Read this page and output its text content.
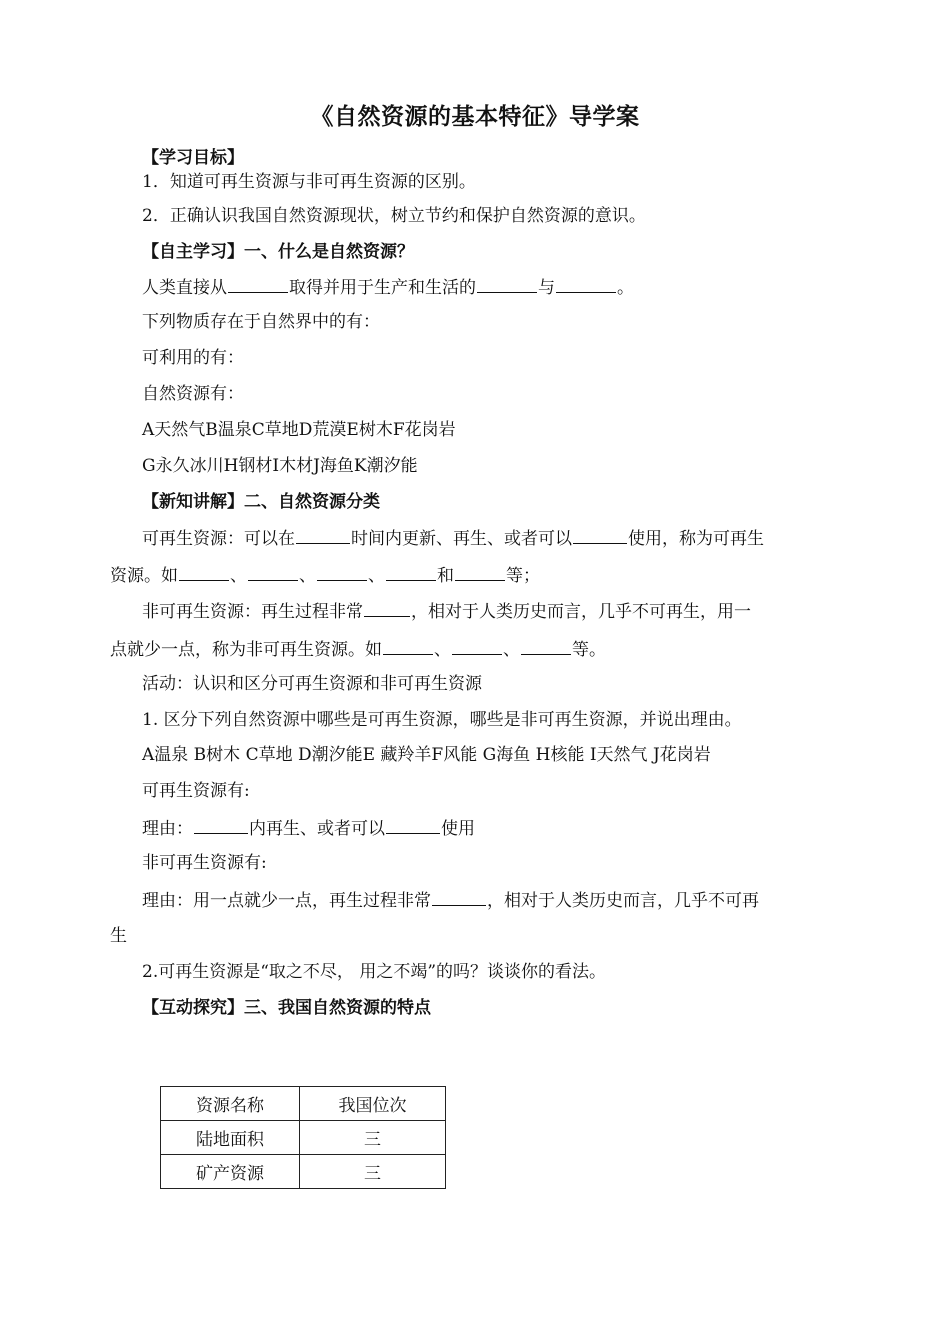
《自然资源的基本特征》导学案
【学习目标】
1．知道可再生资源与非可再生资源的区别。
2．正确认识我国自然资源现状，树立节约和保护自然资源的意识。
【自主学习】一、什么是自然资源？
人类直接从	取得并用于生产和生活的	与	。
下列物质存在于自然界中的有：
可利用的有：
自然资源有：
A天然气B温泉C草地D荒漠E树木F花岗岩
G永久冰川H钢材I木材J海鱼K潮汐能
【新知讲解】二、自然资源分类
可再生资源：可以在	时间内更新、再生、或者可以	使用，称为可再生
资源。如	、	、	、	和	等；
非可再生资源：再生过程非常	，相对于人类历史而言，几乎不可再生，用一
点就少一点，称为非可再生资源。如	、	、	等。
活动：认识和区分可再生资源和非可再生资源
1. 区分下列自然资源中哪些是可再生资源，哪些是非可再生资源，并说出理由。
A温泉 B树木 C草地 D潮汐能E 藏羚羊F风能 G海鱼 H核能 I天然气 J花岗岩
可再生资源有:
理由：	内再生、或者可以	使用
非可再生资源有:
理由：用一点就少一点，再生过程非常	，相对于人类历史而言，几乎不可再
生
2.可再生资源是“取之不尽， 用之不竭”的吗？谈谈你的看法。
【互动探究】三、我国自然资源的特点
资源名称	我国位次
陆地面积	三
矿产资源	三
